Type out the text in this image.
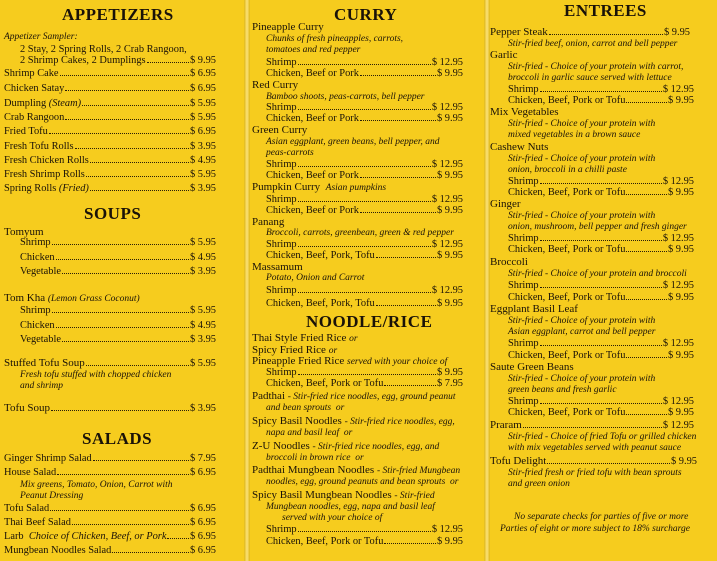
APPETIZERS
Appetizer Sampler:
2 Stay, 2 Spring Rolls, 2 Crab Rangoon,
2 Shrimp Cakes, 2 Dumplings	$ 9.95
Shrimp Cake	$ 6.95
Chicken Satay	$ 6.95
Dumpling (Steam)	$ 5.95
Crab Rangoon	$ 5.95
Fried Tofu	$ 6.95
Fresh Tofu Rolls	$ 3.95
Fresh Chicken Rolls	$ 4.95
Fresh Shrimp Rolls	$ 5.95
Spring Rolls (Fried)	$ 3.95
SOUPS
Tomyum
Shrimp	$ 5.95
Chicken	$ 4.95
Vegetable	$ 3.95
Tom Kha (Lemon Grass Coconut)
Shrimp	$ 5.95
Chicken	$ 4.95
Vegetable	$ 3.95
Stuffed Tofu Soup	$ 5.95
Fresh tofu stuffed with chopped chicken
and shrimp
Tofu Soup	$ 3.95
SALADS
Ginger Shrimp Salad	$ 7.95
House Salad	$ 6.95
Mix greens, Tomato, Onion, Carrot with
Peanut Dressing
Tofu Salad	$ 6.95
Thai Beef Salad	$ 6.95
Larb Choice of Chicken, Beef, or Pork $ 6.95
Mungbean Noodles Salad	$ 6.95
CURRY
Pineapple Curry
Chunks of fresh pineapples, carrots,
tomatoes and red pepper
Shrimp	$ 12.95
Chicken, Beef or Pork	$ 9.95
Red Curry
Bamboo shoots, peas-carrots, bell pepper
Shrimp	$ 12.95
Chicken, Beef or Pork	$ 9.95
Green Curry
Asian eggplant, green beans, bell pepper, and
peas-carrots
Shrimp	$ 12.95
Chicken, Beef or Pork	$ 9.95
Pumpkin Curry Asian pumpkins
Shrimp	$ 12.95
Chicken, Beef or Pork	$ 9.95
Panang
Broccoli, carrots, greenbean, green & red pepper
Shrimp	$ 12.95
Chicken, Beef, Pork, Tofu	$ 9.95
Massamum
Potato, Onion and Carrot
Shrimp	$ 12.95
Chicken, Beef, Pork, Tofu	$ 9.95
NOODLE/RICE
Thai Style Fried Rice or
Spicy Fried Rice or
Pineapple Fried Rice served with your choice of
Shrimp	$ 9.95
Chicken, Beef, Pork or Tofu	$ 7.95
Padthai - Stir-fried rice noodles, egg, ground peanut
and bean sprouts or
Spicy Basil Noodles - Stir-fried rice noodles, egg,
napa and basil leaf or
Z-U Noodles - Stir-fried rice noodles, egg, and
broccoli in brown rice or
Padthai Mungbean Noodles - Stir-fried Mungbean
noodles, egg, ground peanuts and bean sprouts or
Spicy Basil Mungbean Noodles - Stir-fried
Mungbean noodles, egg, napa and basil leaf
served with your choice of
Shrimp	$ 12.95
Chicken, Beef, Pork or Tofu	$ 9.95
ENTREES
Pepper Steak	$ 9.95
Stir-fried beef, onion, carrot and bell pepper
Garlic
Stir-fried - Choice of your protein with carrot,
broccoli in garlic sauce served with lettuce
Shrimp	$ 12.95
Chicken, Beef, Pork or Tofu	$ 9.95
Mix Vegetables
Stir-fried - Choice of your protein with
mixed vegetables in a brown sauce
Cashew Nuts
Stir-fried - Choice of your protein with
onion, broccoli in a chilli paste
Shrimp	$ 12.95
Chicken, Beef, Pork or Tofu	$ 9.95
Ginger
Stir-fried - Choice of your protein with
onion, mushroom, bell pepper and fresh ginger
Shrimp	$ 12.95
Chicken, Beef, Pork or Tofu	$ 9.95
Broccoli
Stir-fried - Choice of your protein and broccoli
Shrimp	$ 12.95
Chicken, Beef, Pork or Tofu	$ 9.95
Eggplant Basil Leaf
Stir-fried - Choice of your protein with
Asian eggplant, carrot and bell pepper
Shrimp	$ 12.95
Chicken, Beef, Pork or Tofu	$ 9.95
Saute Green Beans
Stir-fried - Choice of your protein with
green beans and fresh garlic
Shrimp	$ 12.95
Chicken, Beef, Pork or Tofu	$ 9.95
Praram	$ 12.95
Stir-fried - Choice of fried Tofu or grilled chicken
with mix vegetables served with peanut sauce
Tofu Delight	$ 9.95
Stir-fried fresh or fried tofu with bean sprouts
and green onion
No separate checks for parties of five or more
Parties of eight or more subject to 18% surcharge
